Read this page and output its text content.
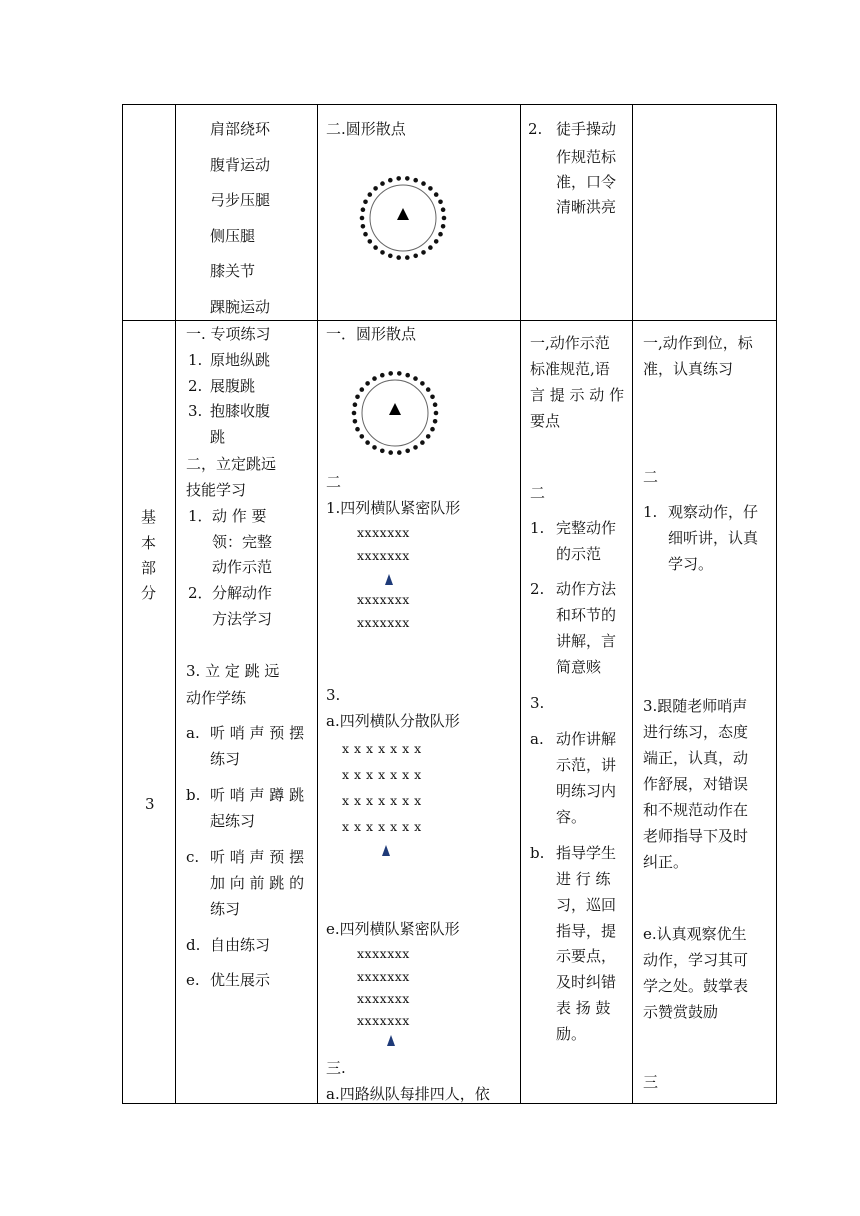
肩部绕环
腹背运动
弓步压腿
侧压腿
膝关节
踝腕运动
二.圆形散点	2. 徒手操动
作规范标
准，口令
清晰洪亮
基
本
部
分
3
一. 专项练习
1. 原地纵跳
2. 展腹跳
3. 抱膝收腹
跳
二，立定跳远
技能学习
1． 动 作 要
领：完整
动作示范
2． 分解动作
方法学习
3. 立 定 跳 远
动作学练
a. 听 哨 声 预 摆
练习
b. 听 哨 声 蹲 跳
起练习
c. 听 哨 声 预 摆
加 向 前 跳 的
练习
d. 自由练习
e. 优生展示
一．圆形散点
二
1.四列横队紧密队形
xxxxxxx
xxxxxxx
xxxxxxx
xxxxxxx
3.
a.四列横队分散队形
x x x x x x x
x x x x x x x
x x x x x x x
x x x x x x x
e.四列横队紧密队形
xxxxxxx
xxxxxxx
xxxxxxx
xxxxxxx
三.
a.四路纵队每排四人，依
一,动作示范
标准规范,语
言 提 示 动 作
要点
二
1. 完整动作
的示范
2. 动作方法
和环节的
讲解，言
简意赅
3.
a. 动作讲解
示范，讲
明练习内
容。
b. 指导学生
进 行 练
习，巡回
指导，提
示要点，
及时纠错
表 扬 鼓
励。
一,动作到位，标
准，认真练习
二
1. 观察动作，仔
细听讲，认真
学习。
3.跟随老师哨声
进行练习，态度
端正，认真，动
作舒展，对错误
和不规范动作在
老师指导下及时
纠正。
e.认真观察优生
动作，学习其可
学之处。鼓掌表
示赞赏鼓励
三
